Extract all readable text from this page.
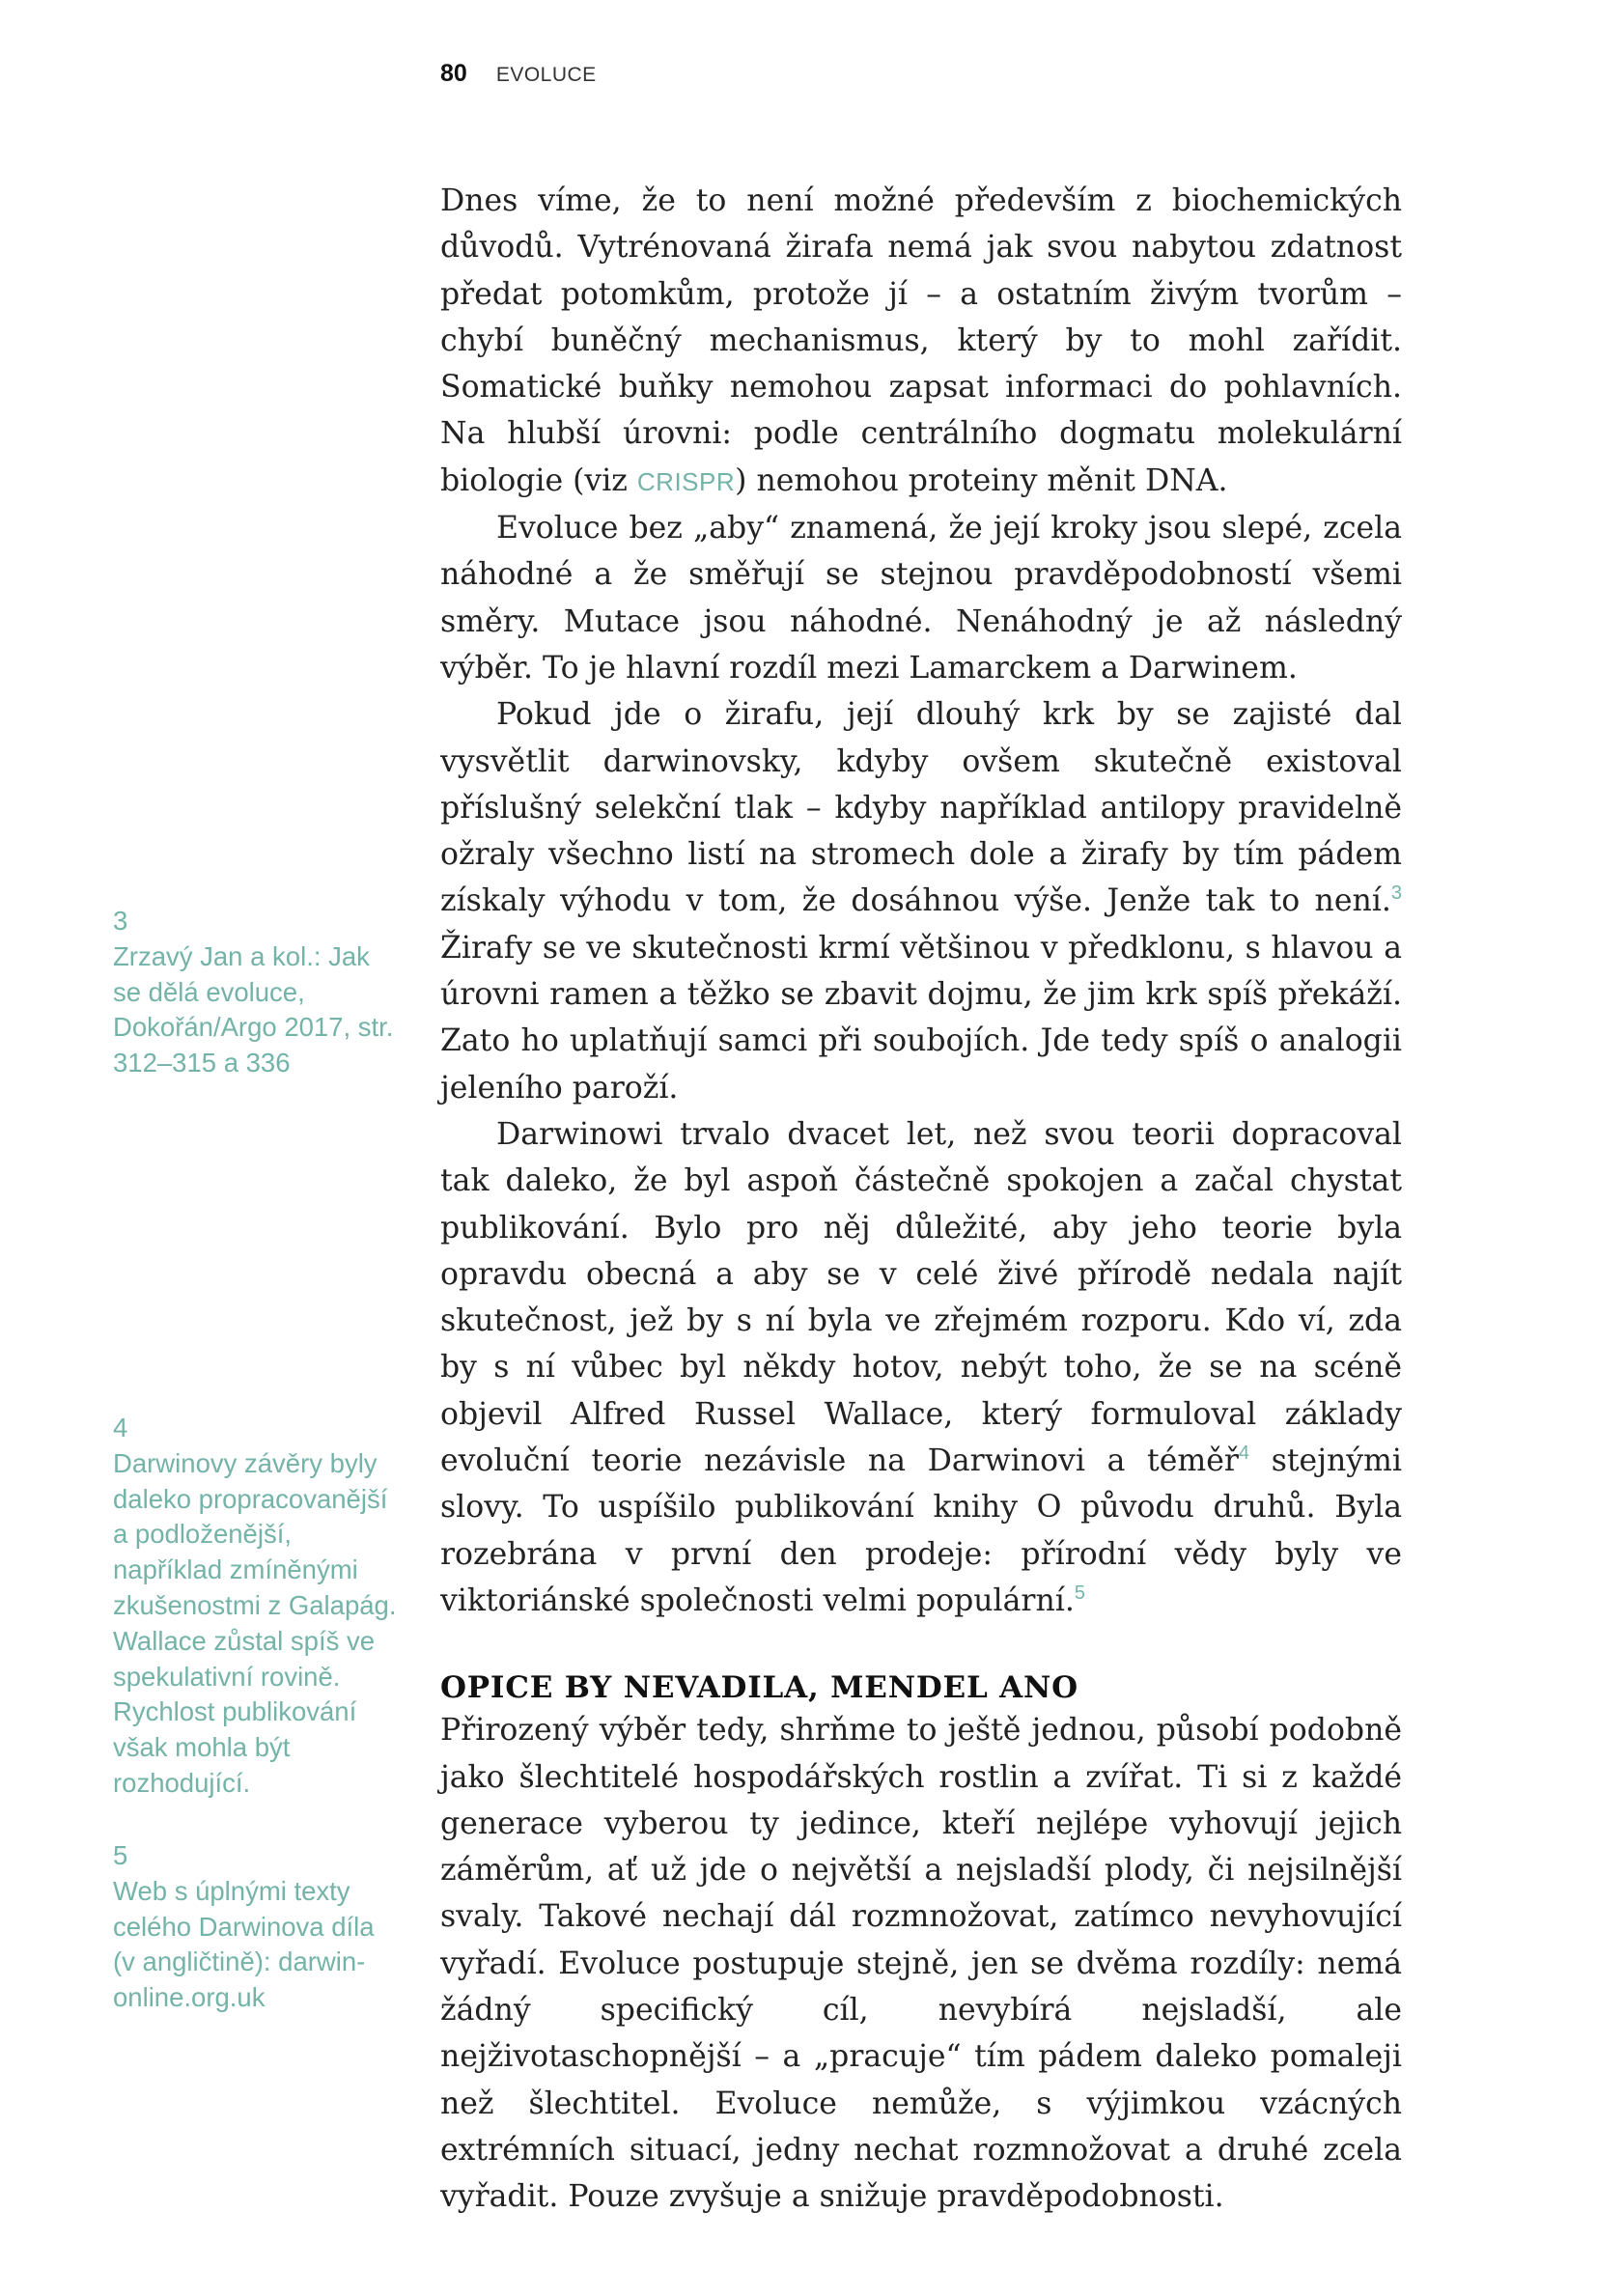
80 EVOLUCE

Dnes víme, že to není možné především z biochemických důvodů. Vytrénovaná žirafa nemá jak svou nabytou zdatnost předat potomkům, protože jí – a ostatním živým tvorům – chybí buněčný mechanismus, který by to mohl zařídit. Somatické buňky nemohou zapsat informaci do pohlavních. Na hlubší úrovni: podle centrálního dogmatu molekulární biologie (viz CRISPR) nemohou proteiny měnit DNA.

Evoluce bez „aby“ znamená, že její kroky jsou slepé, zcela náhodné a že směřují se stejnou pravděpodobností všemi směry. Mutace jsou náhodné. Nenáhodný je až následný výběr. To je hlavní rozdíl mezi Lamarckem a Darwinem.

Pokud jde o žirafu, její dlouhý krk by se zajisté dal vysvětlit darwinovsky, kdyby ovšem skutečně existoval příslušný selekční tlak – kdyby například antilopy pravidelně ožraly všechno listí na stromech dole a žirafy by tím pádem získaly výhodu v tom, že dosáhnou výše. Jenže tak to není.$^3$ Žirafy se ve skutečnosti krmí většinou v předklonu, s hlavou a úrovni ramen a těžko se zbavit dojmu, že jim krk spíš překáží. Zato ho uplatňují samci při soubojích. Jde tedy spíš o analogii jeleního paroží.

Darwinowi trvalo dvacet let, než svou teorii dopracoval tak daleko, že byl aspoň částečně spokojen a začal chystat publikování. Bylo pro něj důležité, aby jeho teorie byla opravdu obecná a aby se v celé živé přírodě nedala najít skutečnost, jež by s ní byla ve zřejmém rozporu. Kdo ví, zda by s ní vůbec byl někdy hotov, nebýt toho, že se na scéně objevil Alfred Russel Wallace, který formuloval základy evoluční teorie nezávisle na Darwinovi a téměř$^4$ stejnými slovy. To uspíšilo publikování knihy O původu druhů. Byla rozebrána v první den prodeje: přírodní vědy byly ve viktoriánské společnosti velmi populární.$^5$

OPICE BY NEVADILA, MENDEL ANO

Přirozený výběr tedy, shrňme to ještě jednou, působí podobně jako šlechtitelé hospodářských rostlin a zvířat. Ti si z každé generace vyberou ty jedince, kteří nejlépe vyhovují jejich záměrům, ať už jde o největší a nejsladší plody, či nejsilnější svaly. Takové nechají dál rozmnožovat, zatímco nevyhovující vyřadí. Evoluce postupuje stejně, jen se dvěma rozdíly: nemá žádný specifický cíl, nevybírá nejsladší, ale nejživotaschopnější – a „pracuje“ tím pádem daleko pomaleji než šlechtitel. Evoluce nemůže, s výjimkou vzácných extrémních situací, jedny nechat rozmnožovat a druhé zcela vyřadit. Pouze zvyšuje a snižuje pravděpodobnosti.

3
Zrzavý Jan a kol.: Jak se dělá evoluce, Dokořán/Argo 2017, str. 312–315 a 336
4
Darwinovy závěry byly daleko propracovanější a podloženější, například zmíněnými zkušenostmi z Galapág. Wallace zůstal spíš ve spekulativní rovině. Rychlost publikování však mohla být rozhodující.
5
Web s úplnými texty celého Darwinova díla (v angličtině): darwin-online.org.uk
